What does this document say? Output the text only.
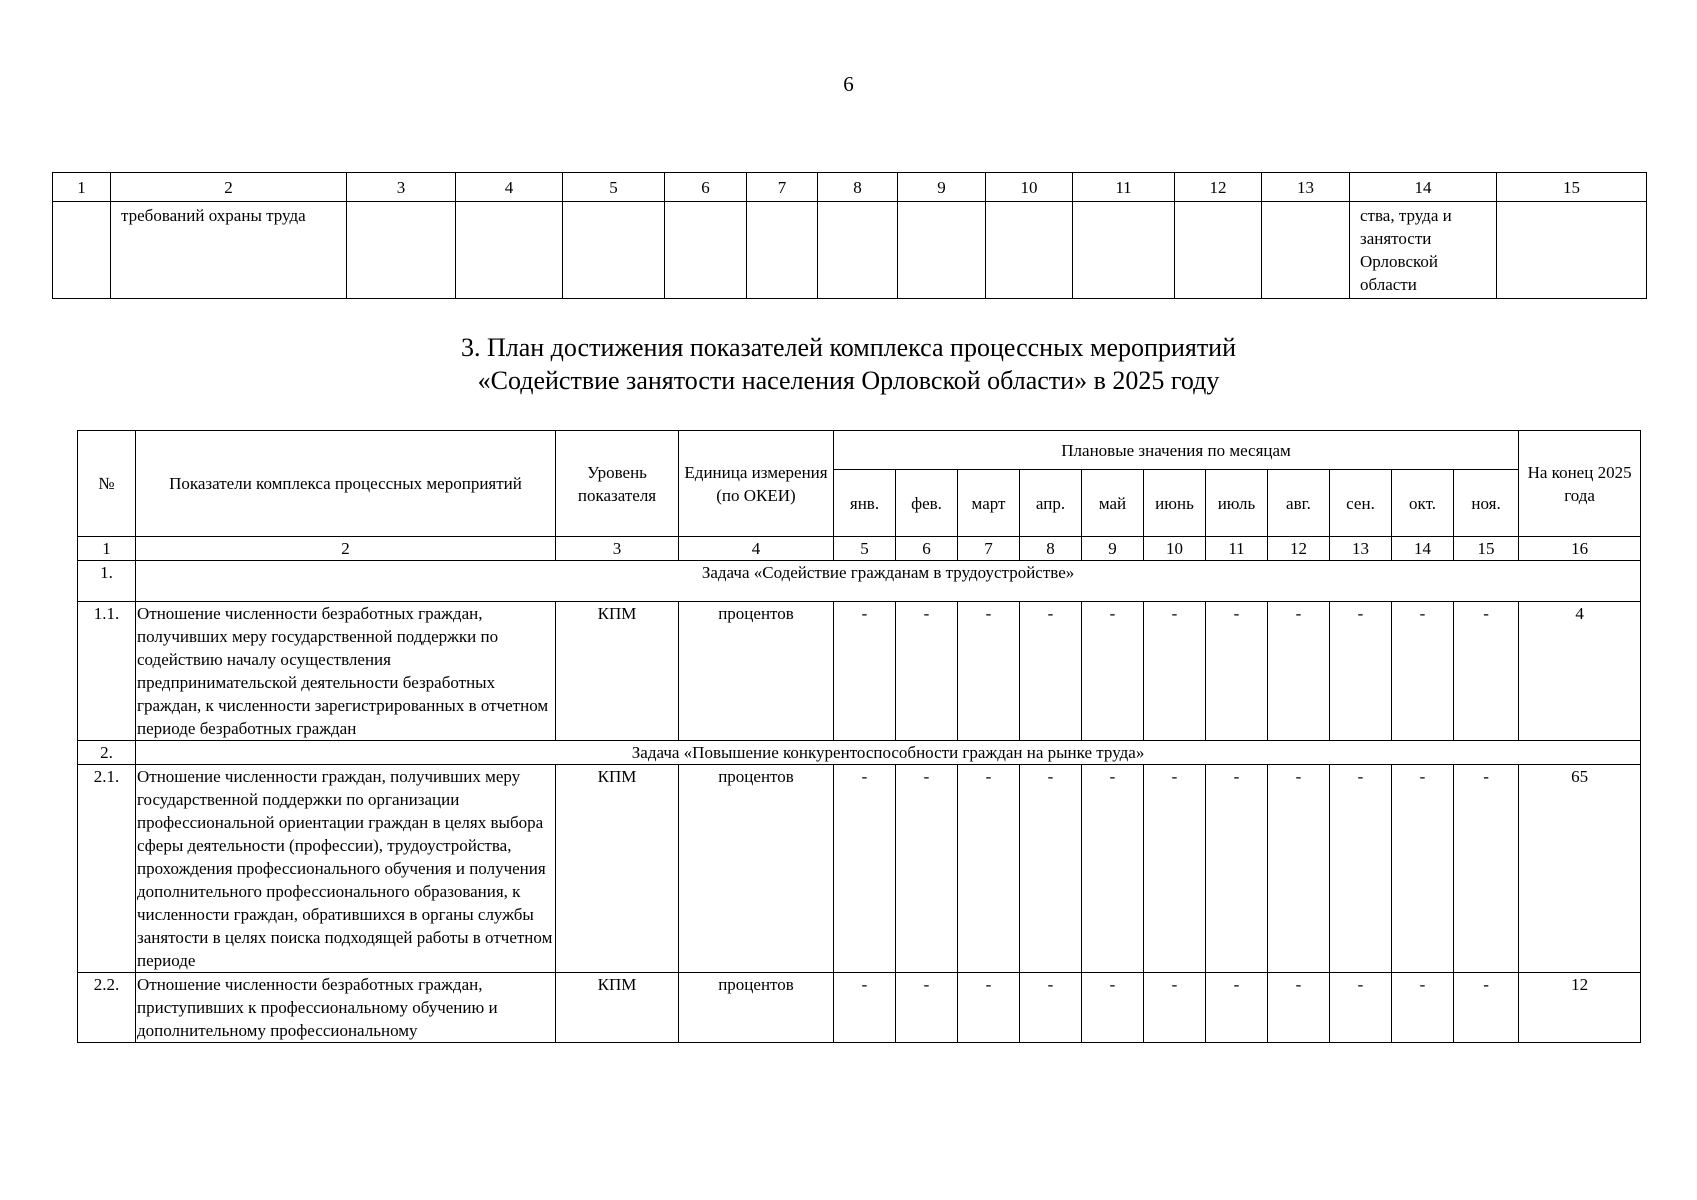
6
1	2	3	4	5	6	7	8	9	10	11	12	13	14	15
	требований охраны труда												ства, труда и занятости Орловской области	
3. План достижения показателей комплекса процессных мероприятий
«Содействие занятости населения Орловской области» в 2025 году
№	Показатели комплекса процессных мероприятий	Уровень показателя	Единица измерения (по ОКЕИ)	Плановые значения по месяцам											На конец 2025 года
				янв.	фев.	март	апр.	май	июнь	июль	авг.	сен.	окт.	ноя.	
1	2	3	4	5	6	7	8	9	10	11	12	13	14	15	16
1.	Задача «Содействие гражданам в трудоустройстве»														
1.1.	Отношение численности безработных граждан, получивших меру государственной поддержки по содействию началу осуществления предпринимательской деятельности безработных граждан, к численности зарегистрированных в отчетном периоде безработных граждан	КПМ	процентов	-	-	-	-	-	-	-	-	-	-	-	4
2.	Задача «Повышение конкурентоспособности граждан на рынке труда»														
2.1.	Отношение численности граждан, получивших меру государственной поддержки по организации профессиональной ориентации граждан в целях выбора сферы деятельности (профессии), трудоустройства, прохождения профессионального обучения и получения дополнительного профессионального образования, к численности граждан, обратившихся в органы службы занятости в целях поиска подходящей работы в отчетном периоде	КПМ	процентов	-	-	-	-	-	-	-	-	-	-	-	65
2.2.	Отношение численности безработных граждан, приступивших к профессиональному обучению и дополнительному профессиональному	КПМ	процентов	-	-	-	-	-	-	-	-	-	-	-	12
